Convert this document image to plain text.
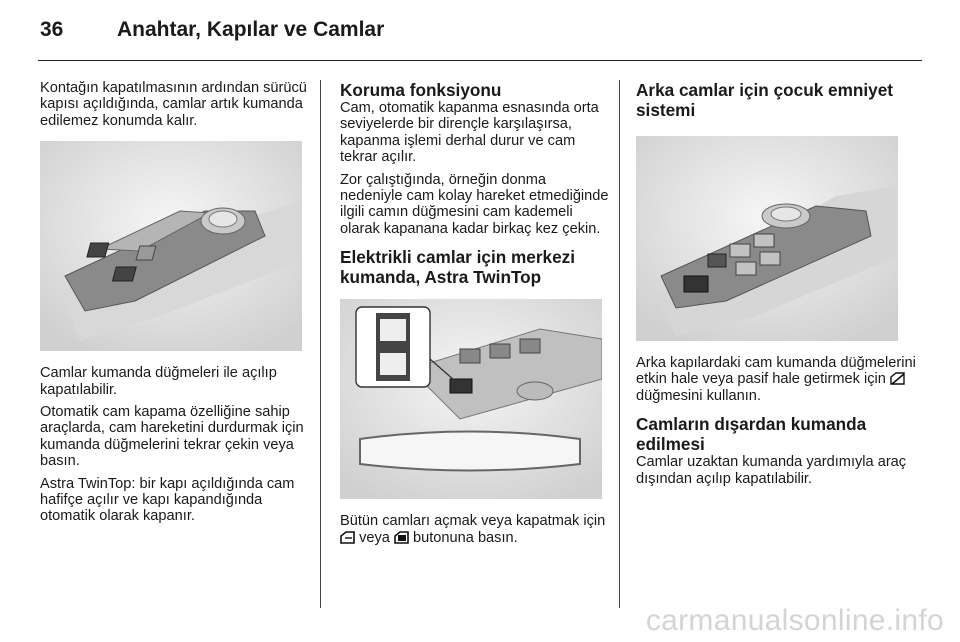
36	Anahtar, Kapılar ve Camlar

Kontağın kapatılmasının ardından sürücü kapısı açıldığında, camlar artık kumanda edilemez konumda kalır.

Camlar kumanda düğmeleri ile açılıp kapatılabilir.

Otomatik cam kapama özelliğine sahip araçlarda, cam hareketini durdurmak için kumanda düğmelerini tekrar çekin veya basın.

Astra TwinTop: bir kapı açıldığında cam hafifçe açılır ve kapı kapandığında otomatik olarak kapanır.

Koruma fonksiyonu

Cam, otomatik kapanma esnasında orta seviyelerde bir dirençle karşılaşırsa, kapanma işlemi derhal durur ve cam tekrar açılır.

Zor çalıştığında, örneğin donma nedeniyle cam kolay hareket etmediğinde ilgili camın düğmesini cam kademeli olarak kapanana kadar birkaç kez çekin.

Elektrikli camlar için merkezi kumanda, Astra TwinTop

Bütün camları açmak veya kapatmak için  veya butonuna basın.

Arka camlar için çocuk emniyet sistemi

Arka kapılardaki cam kumanda düğmelerini etkin hale veya pasif hale getirmek için  düğmesini kullanın.

Camların dışardan kumanda edilmesi

Camlar uzaktan kumanda yardımıyla araç dışından açılıp kapatılabilir.

carmanualsonline.info
